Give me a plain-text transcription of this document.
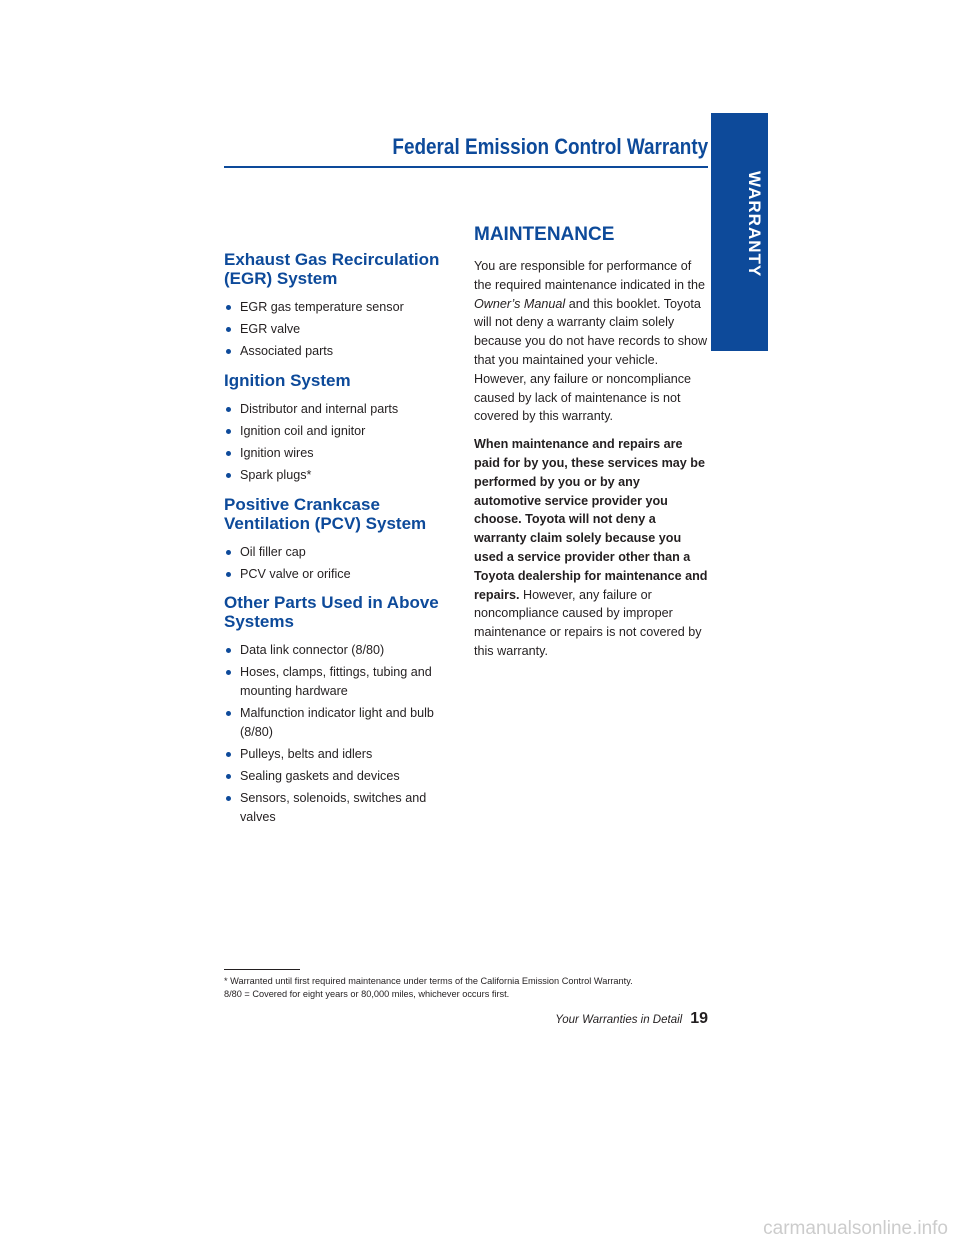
Federal Emission Control Warranty
WARRANTY
Exhaust Gas Recirculation (EGR) System
EGR gas temperature sensor
EGR valve
Associated parts
Ignition System
Distributor and internal parts
Ignition coil and ignitor
Ignition wires
Spark plugs*
Positive Crankcase Ventilation (PCV) System
Oil filler cap
PCV valve or orifice
Other Parts Used in Above Systems
Data link connector (8/80)
Hoses, clamps, fittings, tubing and mounting hardware
Malfunction indicator light and bulb (8/80)
Pulleys, belts and idlers
Sealing gaskets and devices
Sensors, solenoids, switches and valves
MAINTENANCE

You are responsible for performance of the required maintenance indicated in the Owner’s Manual and this booklet. Toyota will not deny a warranty claim solely because you do not have records to show that you maintained your vehicle. However, any failure or noncompliance caused by lack of maintenance is not covered by this warranty.

When maintenance and repairs are paid for by you, these services may be performed by you or by any automotive service provider you choose. Toyota will not deny a warranty claim solely because you used a service provider other than a Toyota dealership for maintenance and repairs. However, any failure or noncompliance caused by improper maintenance or repairs is not covered by this warranty.

* Warranted until first required maintenance under terms of the California Emission Control Warranty.
8/80 = Covered for eight years or 80,000 miles, whichever occurs first.
Your Warranties in Detail 19
carmanualsonline.info
